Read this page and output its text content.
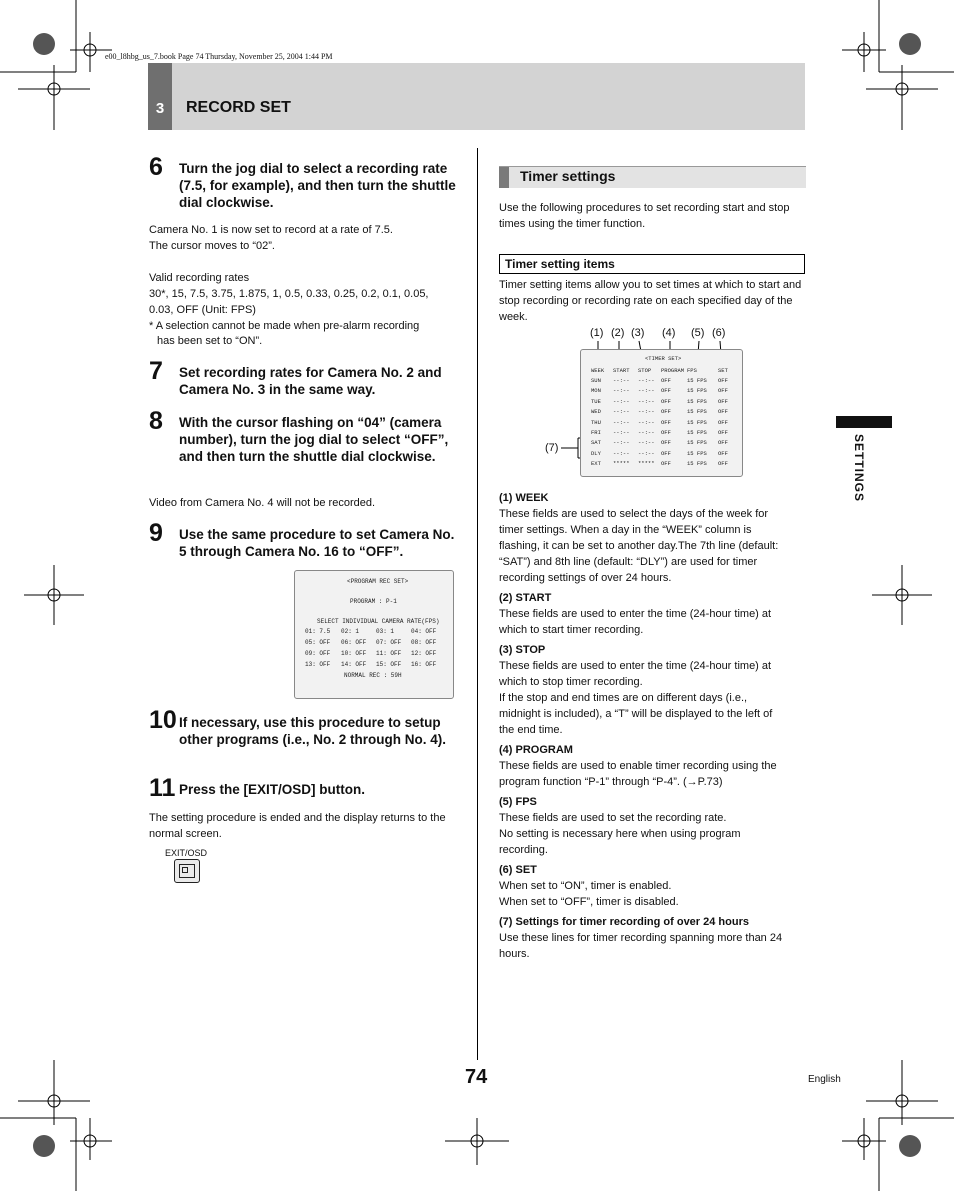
e00_l8hbg_us_7.book Page 74 Thursday, November 25, 2004 1:44 PM
3	RECORD SET
6 Turn the jog dial to select a recording rate (7.5, for example), and then turn the shuttle dial clockwise.
Camera No. 1 is now set to record at a rate of 7.5.
The cursor moves to “02”.
Valid recording rates
30*, 15, 7.5, 3.75, 1.875, 1, 0.5, 0.33, 0.25, 0.2, 0.1, 0.05,
0.03, OFF (Unit: FPS)
* A selection cannot be made when pre-alarm recording
has been set to “ON”.
7 Set recording rates for Camera No. 2 and Camera No. 3 in the same way.
8 With the cursor flashing on “04” (camera number), turn the jog dial to select “OFF”, and then turn the shuttle dial clockwise.
Video from Camera No. 4 will not be recorded.
9 Use the same procedure to set Camera No. 5 through Camera No. 16 to “OFF”.
<PROGRAM REC SET>
PROGRAM : P-1
SELECT INDIVIDUAL CAMERA RATE(FPS)
01: 7.5 02: 1	03: 1	04: OFF
05: OFF 06: OFF 07: OFF 08: OFF
09: OFF 10: OFF 11: OFF 12: OFF
13: OFF 14: OFF 15: OFF 16: OFF
NORMAL REC : 59H
10 If necessary, use this procedure to setup other programs (i.e., No. 2 through No. 4).
11 Press the [EXIT/OSD] button.
The setting procedure is ended and the display returns to the normal screen.
EXIT/OSD
Timer settings
Use the following procedures to set recording start and stop times using the timer function.
Timer setting items
Timer setting items allow you to set times at which to start and stop recording or recording rate on each specified day of the week.
(1) (2) (3) (4) (5) (6)
(7)
<TIMER SET>
WEEK START STOP PROGRAM FPS	SET
SUN --:-- --:-- OFF	15 FPS OFF
MON --:-- --:-- OFF	15 FPS OFF
TUE --:-- --:-- OFF	15 FPS OFF
WED --:-- --:-- OFF	15 FPS OFF
THU --:-- --:-- OFF	15 FPS OFF
FRI --:-- --:-- OFF	15 FPS OFF
SAT --:-- --:-- OFF	15 FPS OFF
DLY --:-- --:-- OFF	15 FPS OFF
EXT ***** ***** OFF	15 FPS OFF
(1) WEEK
These fields are used to select the days of the week for
timer settings. When a day in the “WEEK” column is
flashing, it can be set to another day.The 7th line (default:
“SAT”) and 8th line (default: “DLY”) are used for timer
recording settings of over 24 hours.
(2) START
These fields are used to enter the time (24-hour time) at
which to start timer recording.
(3) STOP
These fields are used to enter the time (24-hour time) at
which to stop timer recording.
If the stop and end times are on different days (i.e.,
midnight is included), a “T” will be displayed to the left of
the end time.
(4) PROGRAM
These fields are used to enable timer recording using the
program function “P-1” through “P-4”. (→P.73)
(5) FPS
These fields are used to set the recording rate.
No setting is necessary here when using program
recording.
(6) SET
When set to “ON”, timer is enabled.
When set to “OFF”, timer is disabled.
(7) Settings for timer recording of over 24 hours
Use these lines for timer recording spanning more than 24
hours.
SETTINGS
74	English
